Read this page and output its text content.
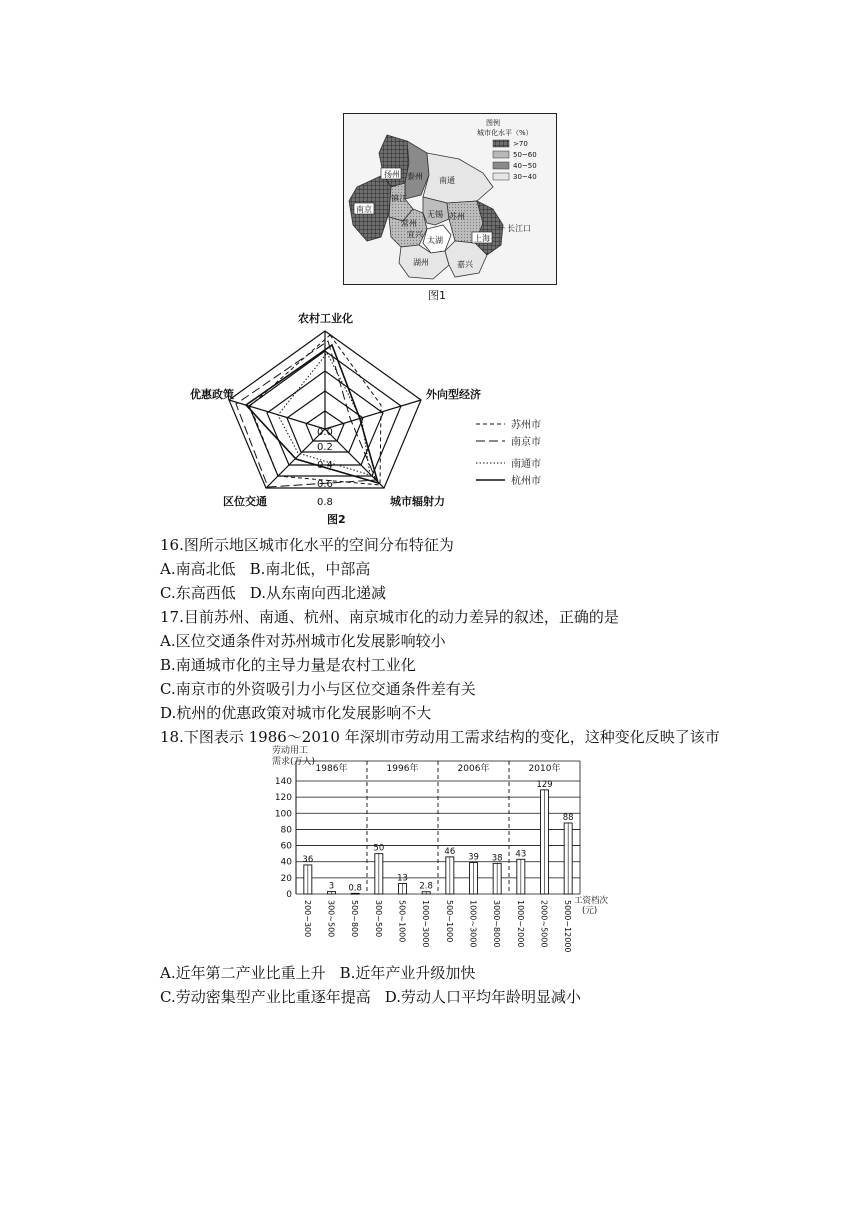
扬州 泰州 南通
镇江
南京
常州
无锡 苏州
宜兴
太湖	上海
长江口
湖州	嘉兴
图例
城市化水平（%）
>70
50~60
40~50
30~40
图1
农村工业化
外向型经济
城市辐射力
区位交通
优惠政策
0.0
0.2
0.4
0.6
0.8
苏州市
南京市
南通市
杭州市
图2
16.图所示地区城市化水平的空间分布特征为
A.南高北低 B.南北低，中部高
C.东高西低 D.从东南向西北递减
17.目前苏州、南通、杭州、南京城市化的动力差异的叙述，正确的是
A.区位交通条件对苏州城市化发展影响较小
B.南通城市化的主导力量是农村工业化
C.南京市的外资吸引力小与区位交通条件差有关
D.杭州的优惠政策对城市化发展影响不大
18.下图表示 1986～2010 年深圳市劳动用工需求结构的变化，这种变化反映了该市
劳动用工
需求(万人)
0
20
40
60
80
100
120
140
1986年	1996年	2006年	2010年
36
200~300
3
300~500
0.8
500~800
50
300~500
13
500~1000
2.8
1000~3000
46
500~1000
39
1000~3000
38
3000~8000
43
1000~2000
129
2000~5000
88
5000~12000 工资档次
(元)
A.近年第二产业比重上升 B.近年产业升级加快
C.劳动密集型产业比重逐年提高 D.劳动人口平均年龄明显减小
